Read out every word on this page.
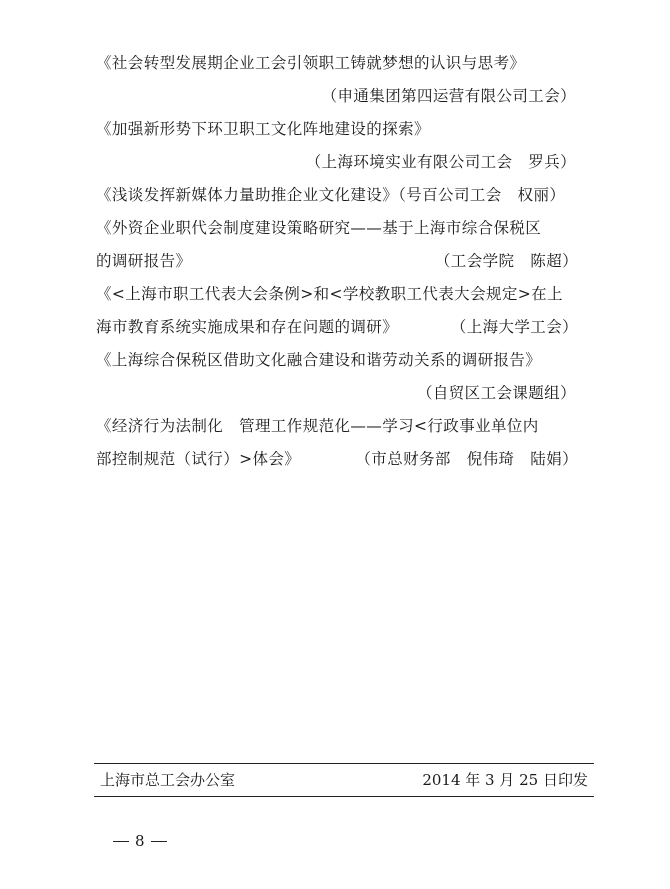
《社会转型发展期企业工会引领职工铸就梦想的认识与思考》
（申通集团第四运营有限公司工会）
《加强新形势下环卫职工文化阵地建设的探索》
（上海环境实业有限公司工会　罗兵）
《浅谈发挥新媒体力量助推企业文化建设》（号百公司工会　权丽）
《外资企业职代会制度建设策略研究——基于上海市综合保税区
的调研报告》	（工会学院　陈超）
《<上海市职工代表大会条例>和<学校教职工代表大会规定>在上
海市教育系统实施成果和存在问题的调研》	（上海大学工会）
《上海综合保税区借助文化融合建设和谐劳动关系的调研报告》
（自贸区工会课题组）
《经济行为法制化　管理工作规范化——学习<行政事业单位内
部控制规范（试行）>体会》	（市总财务部　倪伟琦　陆娟）
上海市总工会办公室	2014 年 3 月 25 日印发
8
